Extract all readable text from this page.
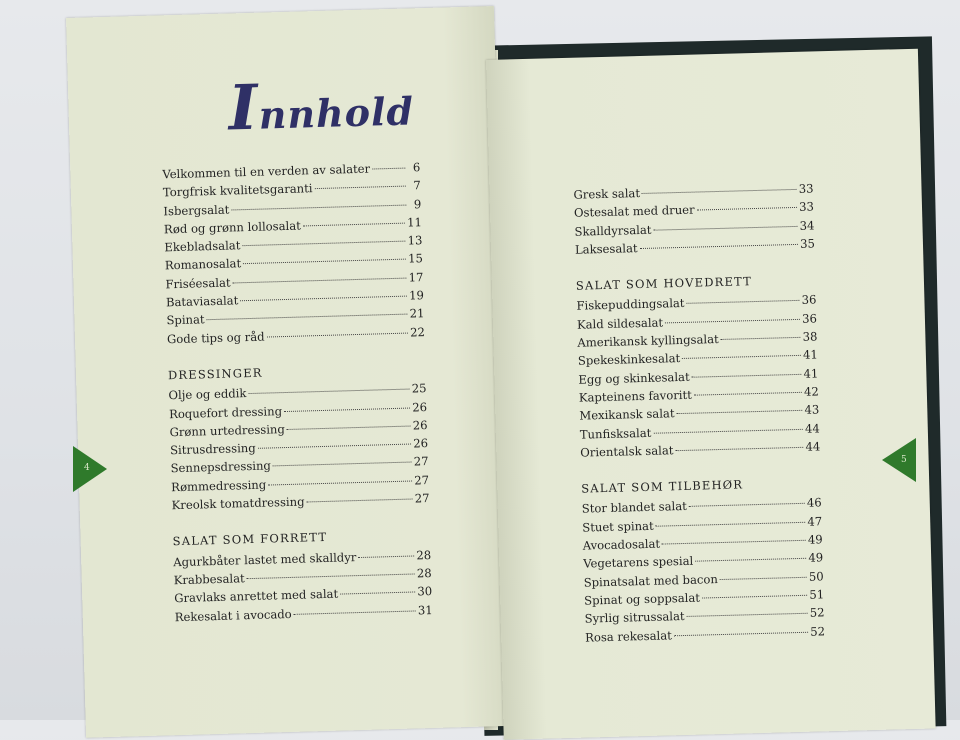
Innhold
Velkommen til en verden av salater	6
Torgfrisk kvalitetsgaranti	7
Isbergsalat	9
Rød og grønn lollosalat	11
Ekebladsalat	13
Romanosalat	15
Friséesalat	17
Bataviasalat	19
Spinat	21
Gode tips og råd	22
DRESSINGER
Olje og eddik	25
Roquefort dressing	26
Grønn urtedressing	26
Sitrusdressing	26
Sennepsdressing	27
Rømmedressing	27
Kreolsk tomatdressing	27
SALAT SOM FORRETT
Agurkbåter lastet med skalldyr	28
Krabbesalat	28
Gravlaks anrettet med salat	30
Rekesalat i avocado	31
Gresk salat	33
Ostesalat med druer	33
Skalldyrsalat	34
Laksesalat	35
SALAT SOM HOVEDRETT
Fiskepuddingsalat	36
Kald sildesalat	36
Amerikansk kyllingsalat	38
Spekeskinkesalat	41
Egg og skinkesalat	41
Kapteinens favoritt	42
Mexikansk salat	43
Tunfisksalat	44
Orientalsk salat	44
SALAT SOM TILBEHØR
Stor blandet salat	46
Stuet spinat	47
Avocadosalat	49
Vegetarens spesial	49
Spinatsalat med bacon	50
Spinat og soppsalat	51
Syrlig sitrussalat	52
Rosa rekesalat	52
4
5
